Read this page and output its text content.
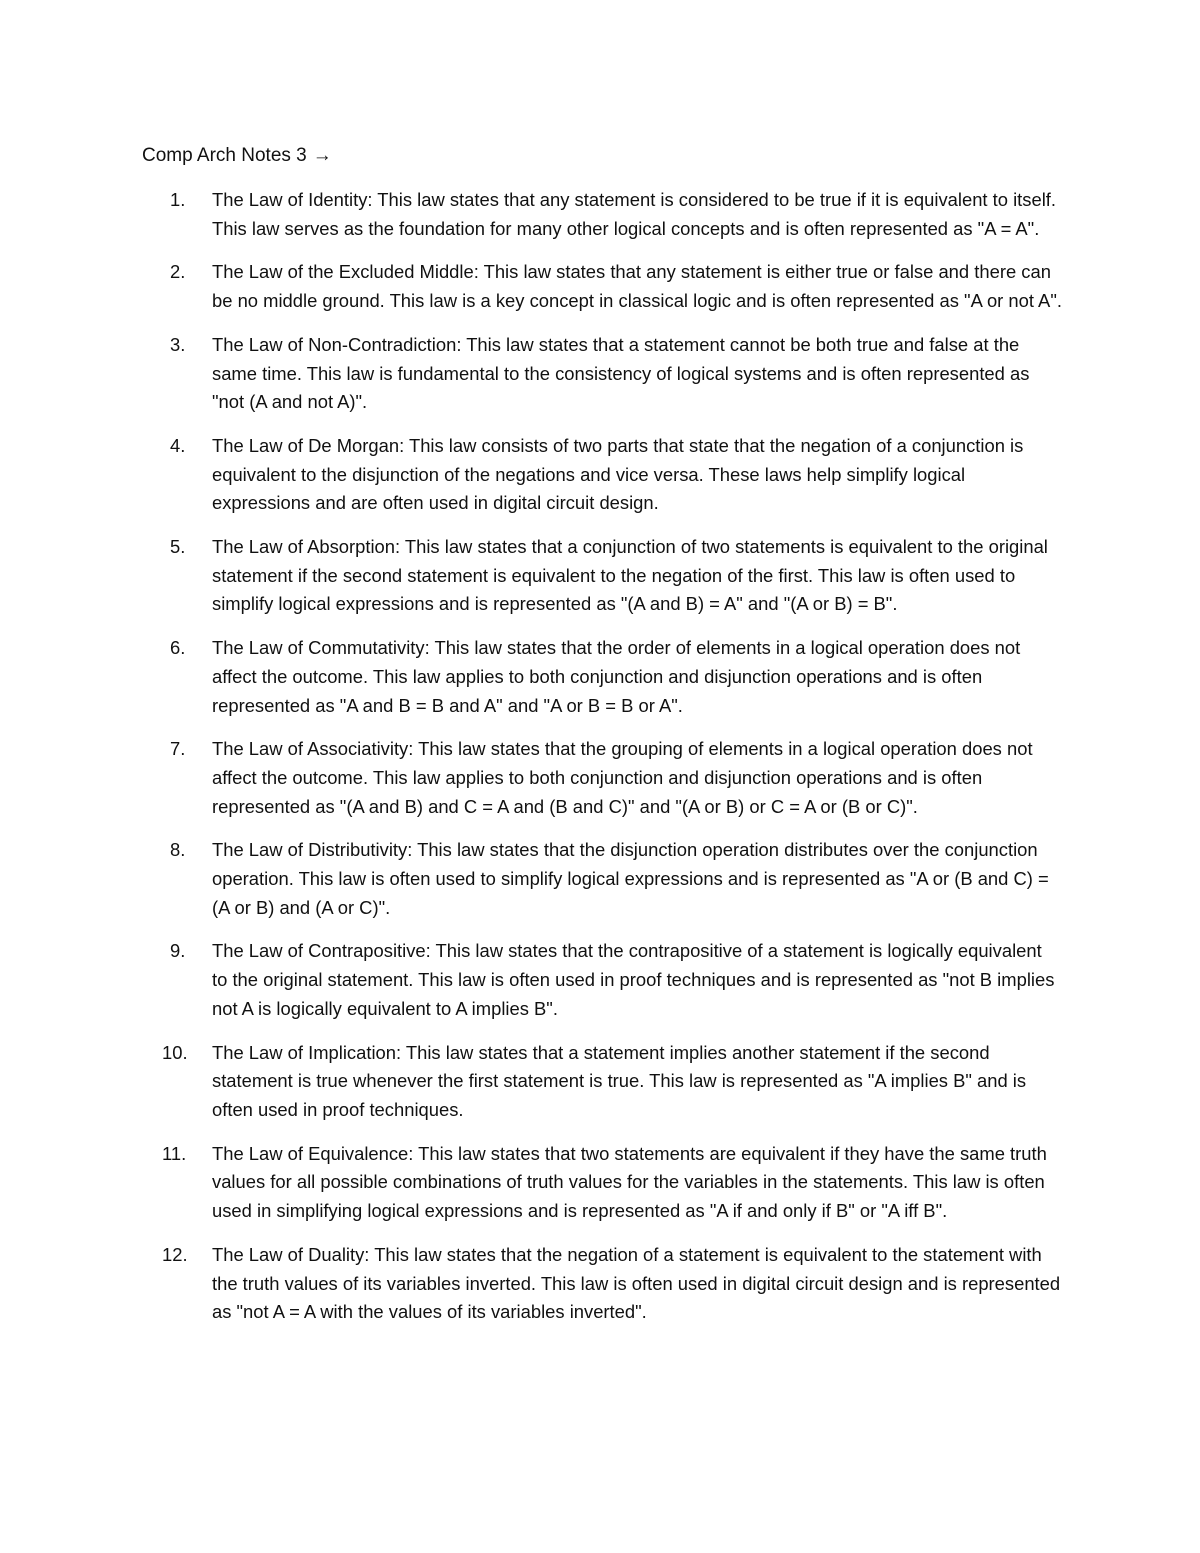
Comp Arch Notes 3 →
1.	The Law of Identity: This law states that any statement is considered to be true if it is equivalent to itself. This law serves as the foundation for many other logical concepts and is often represented as "A = A".
2.	The Law of the Excluded Middle: This law states that any statement is either true or false and there can be no middle ground. This law is a key concept in classical logic and is often represented as "A or not A".
3.	The Law of Non-Contradiction: This law states that a statement cannot be both true and false at the same time. This law is fundamental to the consistency of logical systems and is often represented as "not (A and not A)".
4.	The Law of De Morgan: This law consists of two parts that state that the negation of a conjunction is equivalent to the disjunction of the negations and vice versa. These laws help simplify logical expressions and are often used in digital circuit design.
5.	The Law of Absorption: This law states that a conjunction of two statements is equivalent to the original statement if the second statement is equivalent to the negation of the first. This law is often used to simplify logical expressions and is represented as "(A and B) = A" and "(A or B) = B".
6.	The Law of Commutativity: This law states that the order of elements in a logical operation does not affect the outcome. This law applies to both conjunction and disjunction operations and is often represented as "A and B = B and A" and "A or B = B or A".
7.	The Law of Associativity: This law states that the grouping of elements in a logical operation does not affect the outcome. This law applies to both conjunction and disjunction operations and is often represented as "(A and B) and C = A and (B and C)" and "(A or B) or C = A or (B or C)".
8.	The Law of Distributivity: This law states that the disjunction operation distributes over the conjunction operation. This law is often used to simplify logical expressions and is represented as "A or (B and C) = (A or B) and (A or C)".
9.	The Law of Contrapositive: This law states that the contrapositive of a statement is logically equivalent to the original statement. This law is often used in proof techniques and is represented as "not B implies not A is logically equivalent to A implies B".
10.	The Law of Implication: This law states that a statement implies another statement if the second statement is true whenever the first statement is true. This law is represented as "A implies B" and is often used in proof techniques.
11.	The Law of Equivalence: This law states that two statements are equivalent if they have the same truth values for all possible combinations of truth values for the variables in the statements. This law is often used in simplifying logical expressions and is represented as "A if and only if B" or "A iff B".
12.	The Law of Duality: This law states that the negation of a statement is equivalent to the statement with the truth values of its variables inverted. This law is often used in digital circuit design and is represented as "not A = A with the values of its variables inverted".
